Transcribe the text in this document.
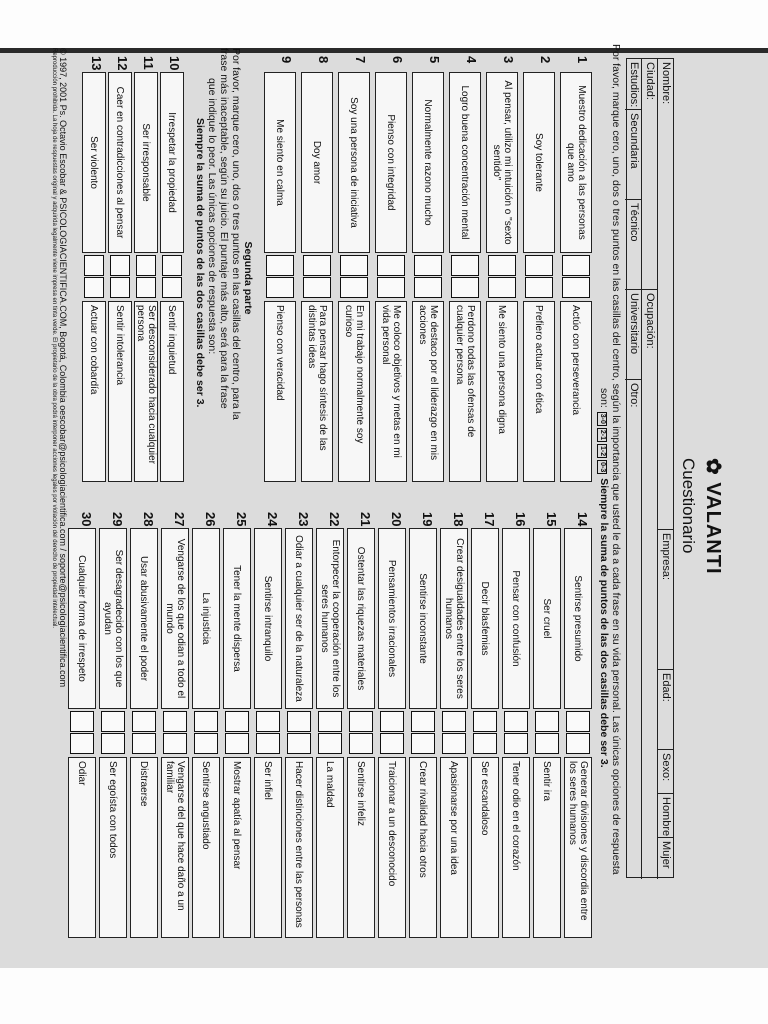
✿ VALANTI
Cuestionario
Nombre:
Empresa:
Edad:
Sexo:
Hombre
Mujer
Ciudad:
Ocupación:
Estudios:
Secundaria
Técnico
Universitario
Otro:
Por favor, marque cero, uno, dos o tres puntos en las casillas del centro, según la importancia que usted le da a cada frase en su vida personal. Las únicas opciones de respuesta
son: 3-02-11-20-3 Siempre la suma de puntos de las dos casillas debe ser 3.
1
Muestro dedicación a las personas que amo
Actúo con perseverancia
2
Soy tolerante
Prefiero actuar con ética
3
Al pensar, utilizo mi intuición o "sexto sentido"
Me siento una persona digna
4
Logro buena concentración mental
Perdono todas las ofensas de cualquier persona
5
Normalmente razono mucho
Me destaco por el liderazgo en mis acciones
6
Pienso con integridad
Me coloco objetivos y metas en mi vida personal
7
Soy una persona de iniciativa
En mi trabajo normalmente soy curioso
8
Doy amor
Para pensar hago síntesis de las distintas ideas
9
Me siento en calma
Pienso con veracidad
Segunda parte
Por favor, marque cero, uno, dos o tres puntos en las casillas del centro, para la
frase más inaceptable, según su juicio. El puntaje más alto, será para la frase
que indique lo peor. Las únicas opciones de respuesta son:
Siempre la suma de puntos de las dos casillas debe ser 3.
10
Irrespetar la propiedad
Sentir inquietud
11
Ser irresponsable
Ser desconsiderado hacia cualquier persona
12
Caer en contradicciones al pensar
Sentir intolerancia
13
Ser violento
Actuar con cobardía
14
Sentirse presumido
Generar divisiones y discordia entre los seres humanos
15
Ser cruel
Sentir ira
16
Pensar con confusión
Tener odio en el corazón
17
Decir blasfemias
Ser escandaloso
18
Crear desigualdades entre los seres humanos
Apasionarse por una idea
19
Sentirse inconstante
Crear rivalidad hacia otros
20
Pensamientos irracionales
Traicionar a un desconocido
21
Ostentar las riquezas materiales
Sentirse infeliz
22
Entorpecer la cooperación entre los seres humanos
La maldad
23
Odiar a cualquier ser de la naturaleza
Hacer distinciones entre las personas
24
Sentirse intranquilo
Ser infiel
25
Tener la mente dispersa
Mostrar apatía al pensar
26
La injusticia
Sentirse angustiado
27
Vengarse de los que odian a todo el mundo
Vengarse del que hace daño a un familiar
28
Usar abusivamente el poder
Distraerse
29
Ser desagradecido con los que ayudan
Ser egoísta con todos
30
Cualquier forma de irrespeto
Odiar
© 1997, 2001 Ps. Octavio Escobar & PSICOLOGIACIENTIFICA.COM, Bogotá, Colombia oescobar@psicologiacientifica.com / soporte@psicologiacientifica.com
Reproducción prohibida. La hoja de respuestas original y adquirida legalmente viene impresa en tinta verde. El propietario de la obra podrá interponer acciones legales por violación del derecho de propiedad intelectual.
